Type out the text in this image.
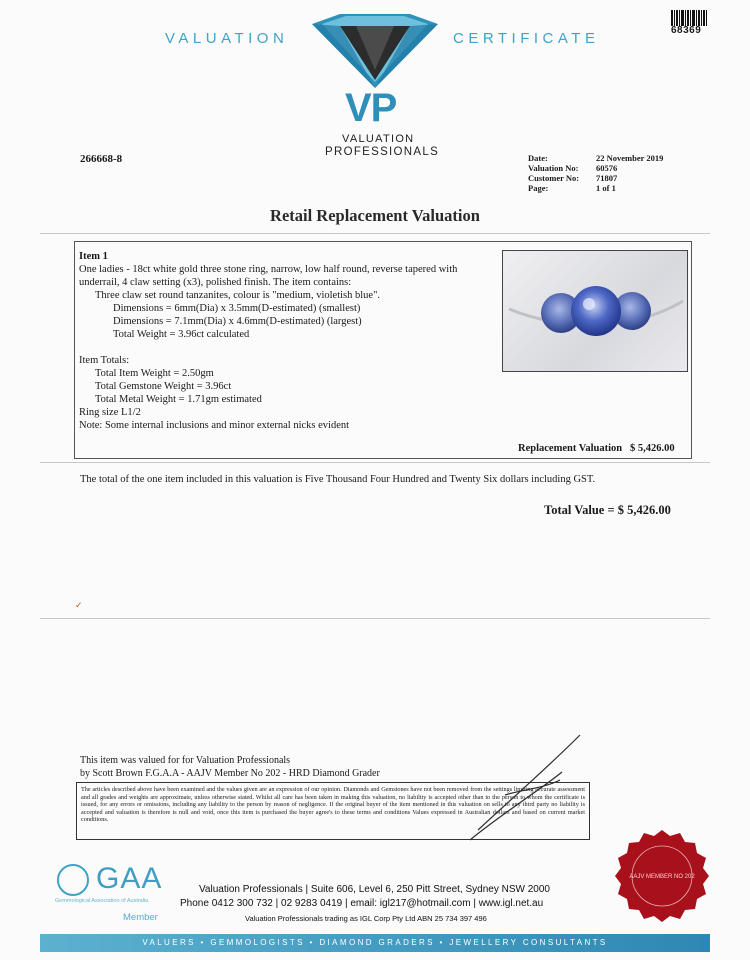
VALUATION	CERTIFICATE
VP
VALUATION
PROFESSIONALS
68369
266668-8	Date:	22 November 2019
Valuation No:	60576
Customer No:	71807
Page:	1 of 1
Retail Replacement Valuation
Item 1
One ladies - 18ct white gold three stone ring, narrow, low half round, reverse tapered with
underrail, 4 claw setting (x3), polished finish. The item contains:
Three claw set round tanzanites, colour is "medium, violetish blue".
Dimensions = 6mm(Dia) x 3.5mm(D-estimated) (smallest)
Dimensions = 7.1mm(Dia) x 4.6mm(D-estimated) (largest)
Total Weight = 3.96ct calculated
Item Totals:
Total Item Weight = 2.50gm
Total Gemstone Weight = 3.96ct
Total Metal Weight = 1.71gm estimated
Ring size L1/2
Note: Some internal inclusions and minor external nicks evident
Replacement Valuation $ 5,426.00
The total of the one item included in this valuation is Five Thousand Four Hundred and Twenty Six dollars including GST.
Total Value = $ 5,426.00
✓
This item was valued for for Valuation Professionals
by Scott Brown F.G.A.A - AAJV Member No 202 - HRD Diamond Grader
The articles described above have been examined and the values given are an expression of our opinion. Diamonds and Gemstones have not been removed from the settings limiting accurate assessment and all grades and weights are approximate, unless otherwise stated. Whilst all care has been taken in making this valuation, no liability is accepted other than to the person to whom the certificate is issued, for any errors or omissions, including any liability to the person by reason of negligence. If the original buyer of the item mentioned in this valuation on sells to any third party no liability is accepted and valuation is therefore is null and void, once this item is purchased the buyer agree's to these terms and conditions Values expressed in Australian dollars and based on current market conditions.
GAA
Gemmological Association of Australia
Member
Valuation Professionals | Suite 606, Level 6, 250 Pitt Street, Sydney NSW 2000
Phone 0412 300 732 | 02 9283 0419 | email: igl217@hotmail.com | www.igl.net.au
Valuation Professionals trading as IGL Corp Pty Ltd ABN 25 734 397 496
AAJV MEMBER NO 202
VALUERS • GEMMOLOGISTS • DIAMOND GRADERS • JEWELLERY CONSULTANTS
